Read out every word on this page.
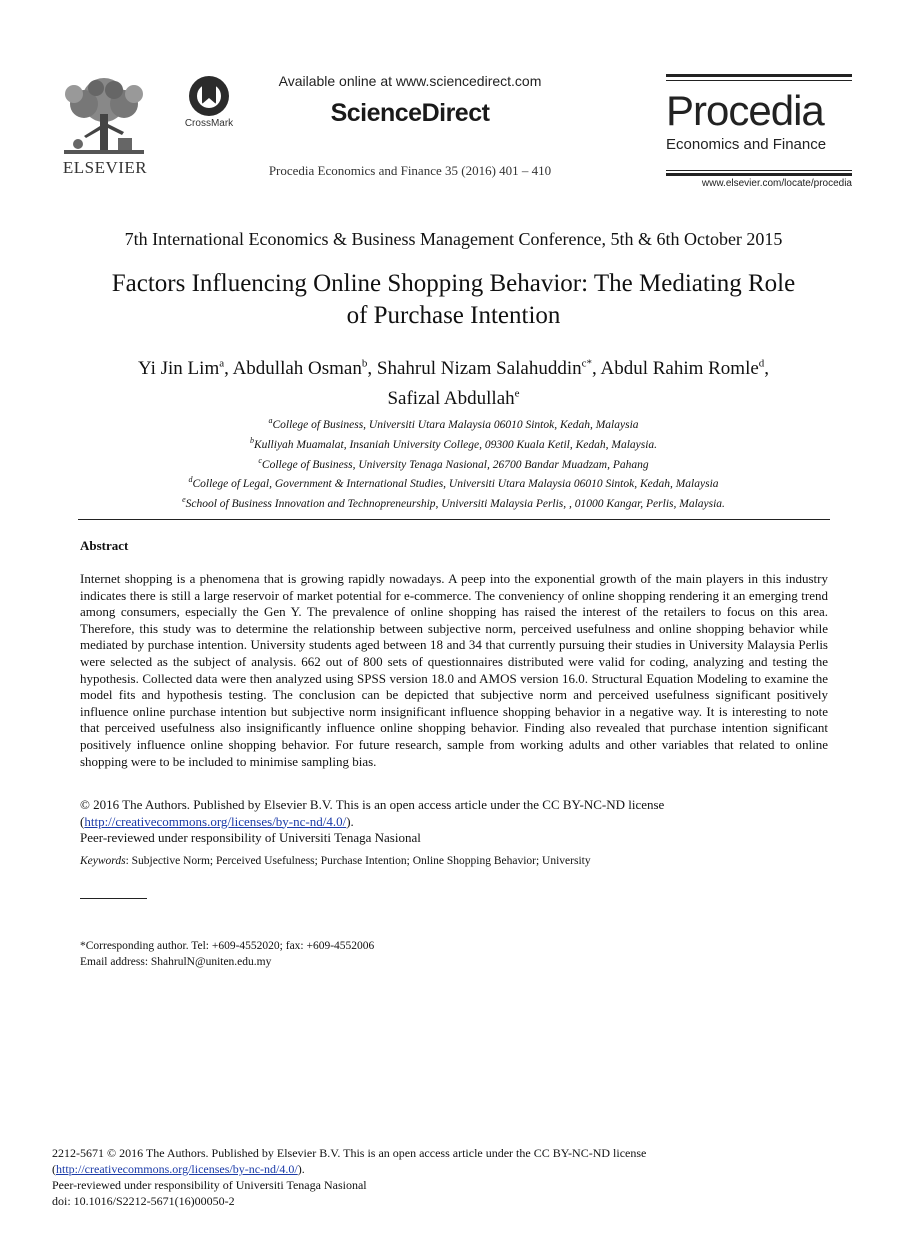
ELSEVIER
CrossMark
Available online at www.sciencedirect.com
ScienceDirect
Procedia Economics and Finance 35 (2016) 401 – 410
Procedia
Economics and Finance
www.elsevier.com/locate/procedia
7th International Economics & Business Management Conference, 5th & 6th October 2015
Factors Influencing Online Shopping Behavior: The Mediating Role
of Purchase Intention
Yi Jin Lim$^a$, Abdullah Osman$^b$, Shahrul Nizam Salahuddin$^{c*}$, Abdul Rahim Romle$^d$,
Safizal Abdullah$^e$
$^a$College of Business, Universiti Utara Malaysia 06010 Sintok, Kedah, Malaysia
$^b$Kulliyah Muamalat, Insaniah University College, 09300 Kuala Ketil, Kedah, Malaysia.
$^c$College of Business, University Tenaga Nasional, 26700 Bandar Muadzam, Pahang
$^d$College of Legal, Government & International Studies, Universiti Utara Malaysia 06010 Sintok, Kedah, Malaysia
$^e$School of Business Innovation and Technopreneurship, Universiti Malaysia Perlis, , 01000 Kangar, Perlis, Malaysia.
Abstract
Internet shopping is a phenomena that is growing rapidly nowadays. A peep into the exponential growth of the main players in this industry indicates there is still a large reservoir of market potential for e-commerce. The conveniency of online shopping rendering it an emerging trend among consumers, especially the Gen Y. The prevalence of online shopping has raised the interest of the retailers to focus on this area. Therefore, this study was to determine the relationship between subjective norm, perceived usefulness and online shopping behavior while mediated by purchase intention. University students aged between 18 and 34 that currently pursuing their studies in University Malaysia Perlis were selected as the subject of analysis. 662 out of 800 sets of questionnaires distributed were valid for coding, analyzing and testing the hypothesis. Collected data were then analyzed using SPSS version 18.0 and AMOS version 16.0. Structural Equation Modeling to examine the model fits and hypothesis testing. The conclusion can be depicted that subjective norm and perceived usefulness significant positively influence online purchase intention but subjective norm insignificant influence shopping behavior in a negative way. It is interesting to note that perceived usefulness also insignificantly influence online shopping behavior. Finding also revealed that purchase intention significant positively influence online shopping behavior. For future research, sample from working adults and other variables that related to online shopping were to be included to minimise sampling bias.
© 2016 The Authors. Published by Elsevier B.V. This is an open access article under the CC BY-NC-ND license
(http://creativecommons.org/licenses/by-nc-nd/4.0/).
Peer-reviewed under responsibility of Universiti Tenaga Nasional
Keywords: Subjective Norm; Perceived Usefulness; Purchase Intention; Online Shopping Behavior; University
*Corresponding author. Tel: +609-4552020; fax: +609-4552006
Email address: ShahrulN@uniten.edu.my
2212-5671 © 2016 The Authors. Published by Elsevier B.V. This is an open access article under the CC BY-NC-ND license
(http://creativecommons.org/licenses/by-nc-nd/4.0/).
Peer-reviewed under responsibility of Universiti Tenaga Nasional
doi: 10.1016/S2212-5671(16)00050-2
